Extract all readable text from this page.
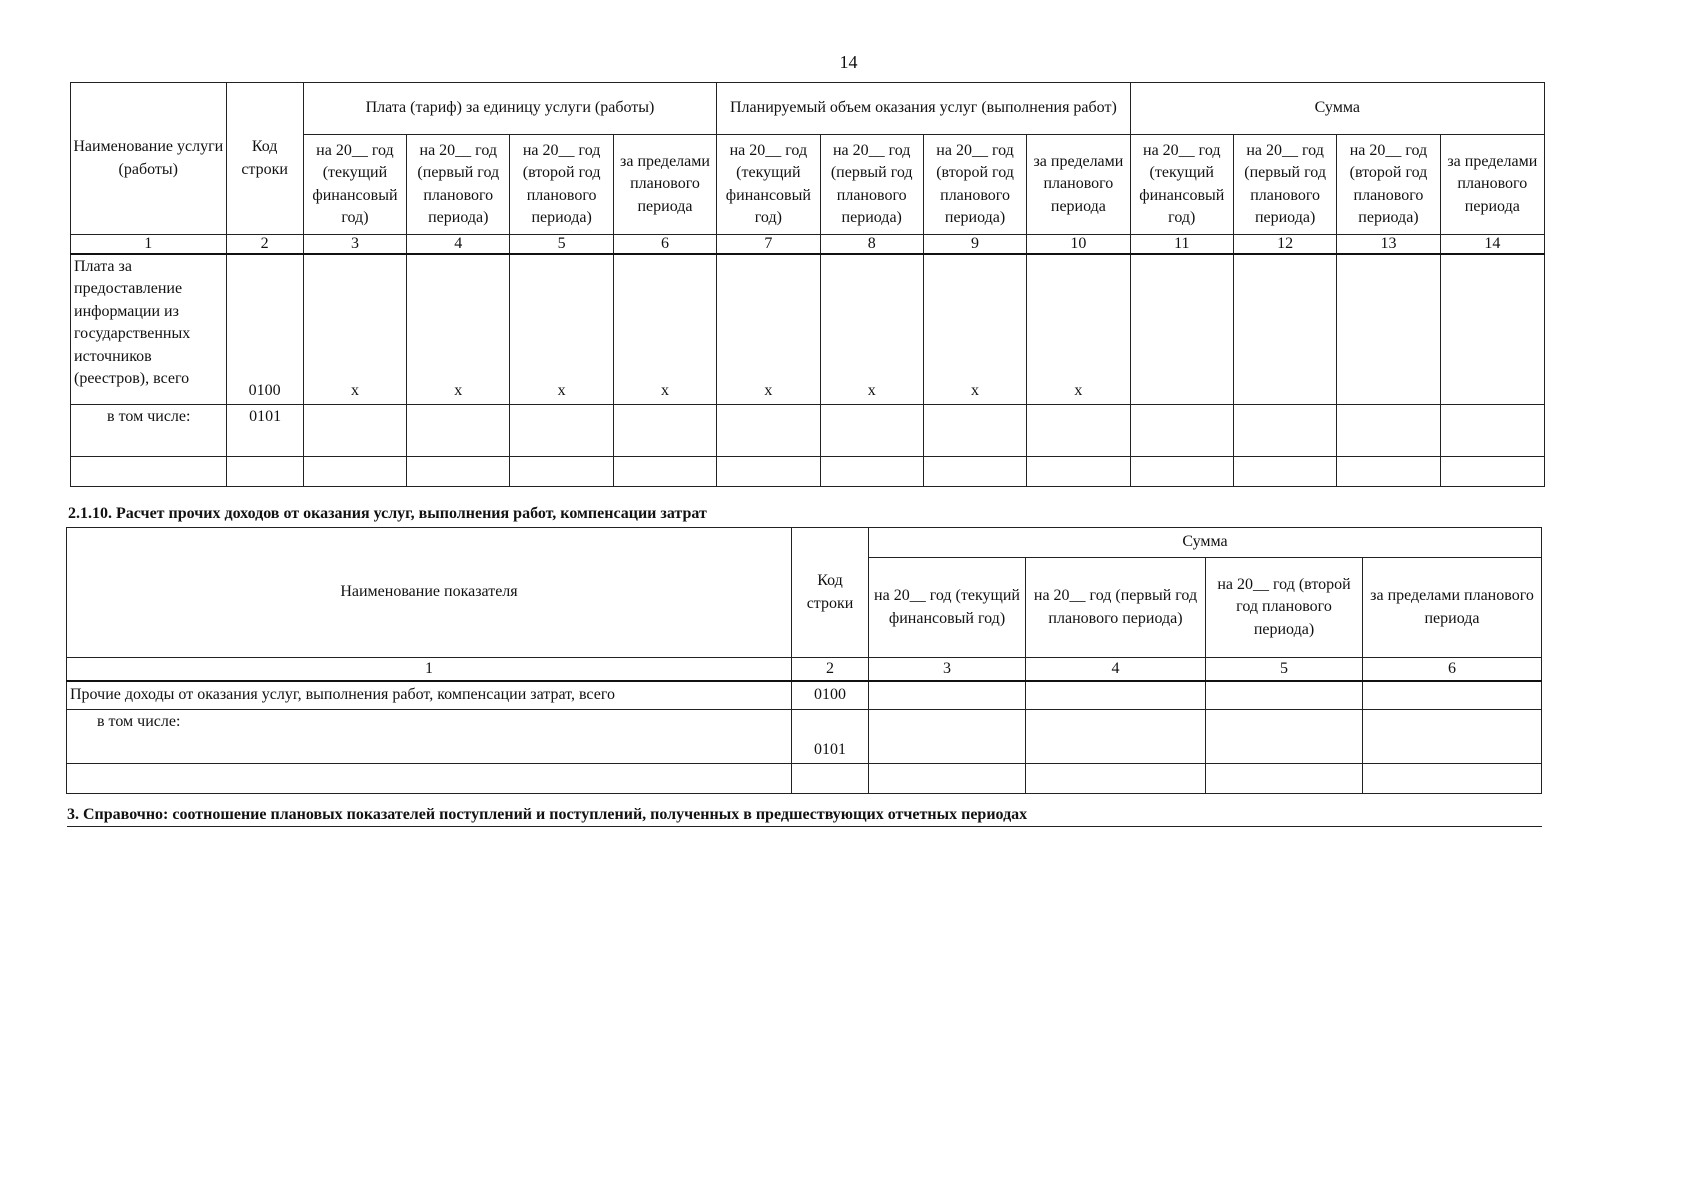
14
Наименование услуги (работы)	Код строки	Плата (тариф) за единицу услуги (работы)				Планируемый объем оказания услуг (выполнения работ)				Сумма			
		на 20__ год (текущий финансовый год)	на 20__ год (первый год планового периода)	на 20__ год (второй год планового периода)	за пределами планового периода	на 20__ год (текущий финансовый год)	на 20__ год (первый год планового периода)	на 20__ год (второй год планового периода)	за пределами планового периода	на 20__ год (текущий финансовый год)	на 20__ год (первый год планового периода)	на 20__ год (второй год планового периода)	за пределами планового периода
1	2	3	4	5	6	7	8	9	10	11	12	13	14
Плата за предоставление информации из государственных источников (реестров), всего	0100	x	x	x	x	x	x	x	x				
в том числе:	0101												

2.1.10. Расчет прочих доходов от оказания услуг, выполнения работ, компенсации затрат
Наименование показателя	Код строки	Сумма			
		на 20__ год (текущий финансовый год)	на 20__ год (первый год планового периода)	на 20__ год (второй год планового периода)	за пределами планового периода
1	2	3	4	5	6
Прочие доходы от оказания услуг, выполнения работ, компенсации затрат, всего	0100				
в том числе:	0101				

3. Справочно: соотношение плановых показателей поступлений и поступлений, полученных в предшествующих отчетных периодах
